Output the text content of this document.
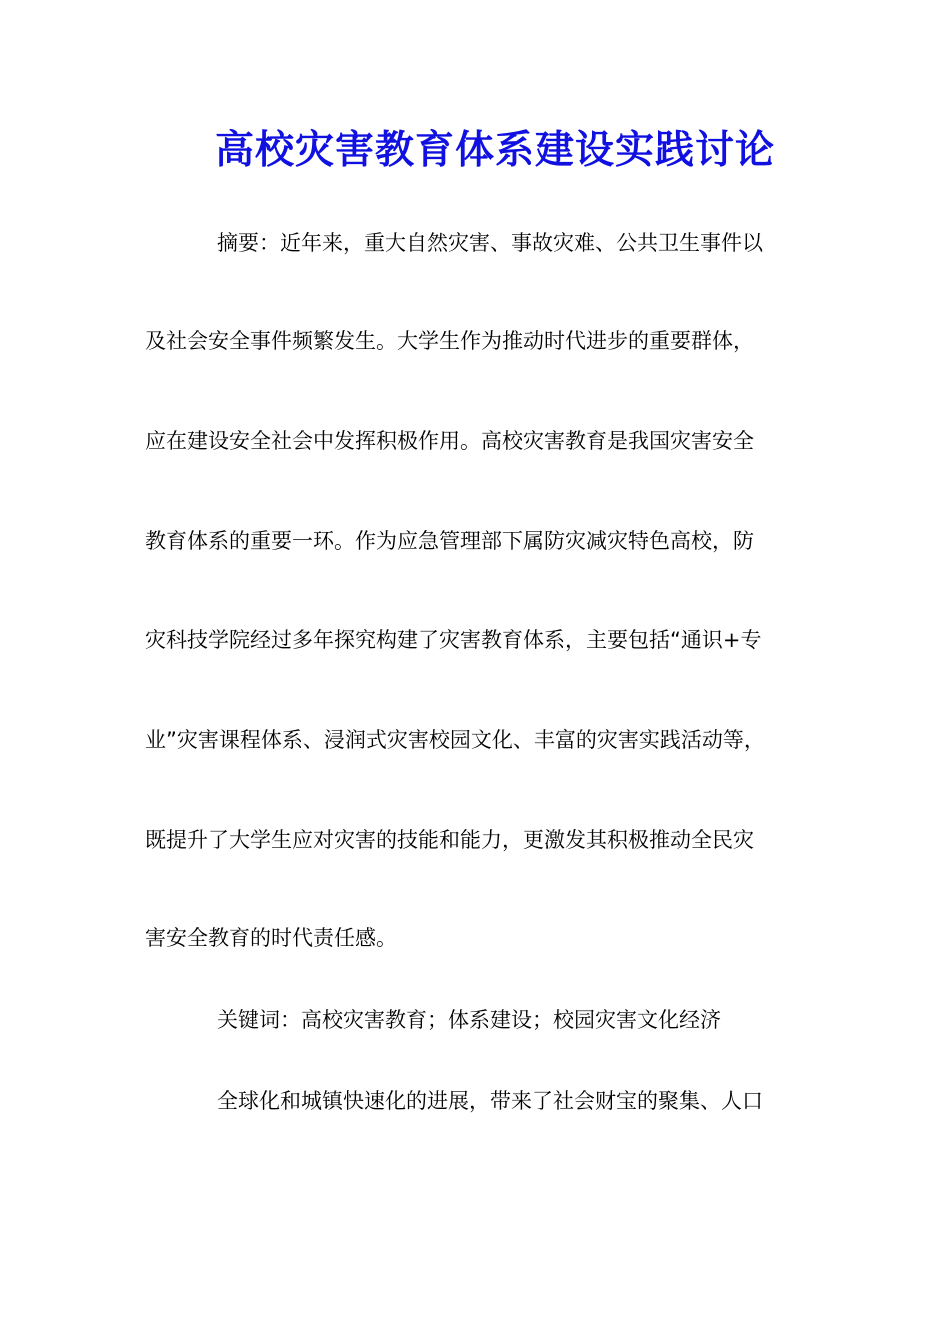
高校灾害教育体系建设实践讨论

摘要：近年来，重大自然灾害、事故灾难、公共卫生事件以

及社会安全事件频繁发生。大学生作为推动时代进步的重要群体，

应在建设安全社会中发挥积极作用。高校灾害教育是我国灾害安全

教育体系的重要一环。作为应急管理部下属防灾减灾特色高校，防

灾科技学院经过多年探究构建了灾害教育体系，主要包括“通识+专

业”灾害课程体系、浸润式灾害校园文化、丰富的灾害实践活动等，

既提升了大学生应对灾害的技能和能力，更激发其积极推动全民灾

害安全教育的时代责任感。

关键词：高校灾害教育；体系建设；校园灾害文化经济

全球化和城镇快速化的进展，带来了社会财宝的聚集、人口
